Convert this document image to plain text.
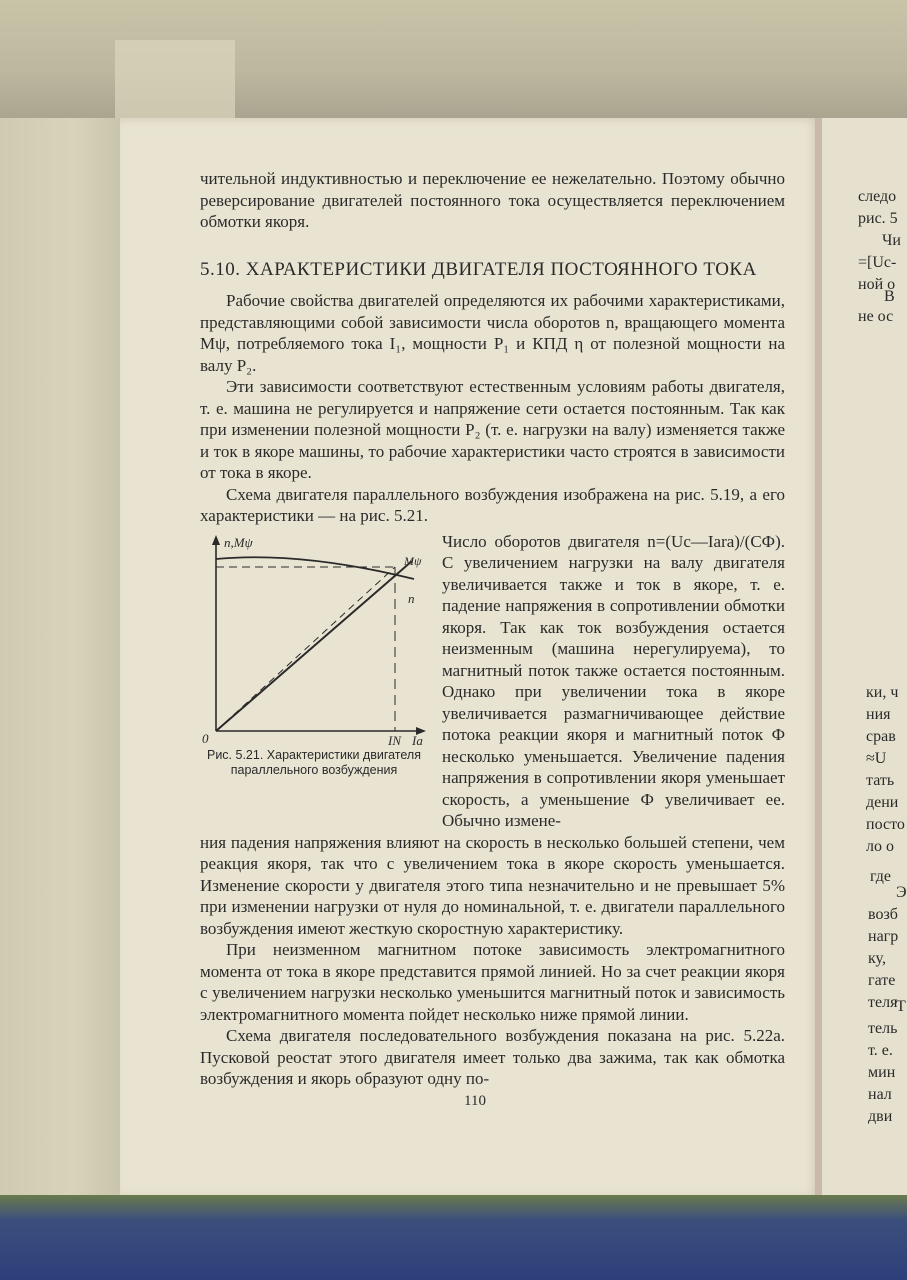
следо
рис. 5
Чи
=[Uc-
ной о
В
не ос
ки, ч
ния
срав
≈U
тать
дени
посто
ло о
где
Э
возб
нагр
ку,
гате
теля
Т
тель
т. е.
мин
нал
дви

чительной индуктивностью и переключение ее нежелательно. Поэтому обычно реверсирование двигателей постоянного тока осуществляется переключением обмотки якоря.

5.10. ХАРАКТЕРИСТИКИ ДВИГАТЕЛЯ ПОСТОЯННОГО ТОКА

Рабочие свойства двигателей определяются их рабочими характеристиками, представляющими собой зависимости числа оборотов n, вращающего момента Mψ, потребляемого тока I₁, мощности P₁ и КПД η от полезной мощности на валу P₂.

Эти зависимости соответствуют естественным условиям работы двигателя, т. е. машина не регулируется и напряжение сети остается постоянным. Так как при изменении полезной мощности P₂ (т. е. нагрузки на валу) изменяется также и ток в якоре машины, то рабочие характеристики часто строятся в зависимости от тока в якоре.

Схема двигателя параллельного возбуждения изображена на рис. 5.19, а его характеристики — на рис. 5.21.

n,Mψ
Mψ
n
0	IN Ia
Рис. 5.21. Характеристики двигателя параллельного возбуждения
Число оборотов двигателя n=(Uc—Iara)/(CФ). С увеличением нагрузки на валу двигателя увеличивается также и ток в якоре, т. е. падение напряжения в сопротивлении обмотки якоря. Так как ток возбуждения остается неизменным (машина нерегулируема), то магнитный поток также остается постоянным. Однако при увеличении тока в якоре увеличивается размагничивающее действие потока реакции якоря и магнитный поток Ф несколько уменьшается. Увеличение падения напряжения в сопротивлении якоря уменьшает скорость, а уменьшение Ф увеличивает ее. Обычно измене-

ния падения напряжения влияют на скорость в несколько большей степени, чем реакция якоря, так что с увеличением тока в якоре скорость уменьшается. Изменение скорости у двигателя этого типа незначительно и не превышает 5% при изменении нагрузки от нуля до номинальной, т. е. двигатели параллельного возбуждения имеют жесткую скоростную характеристику.

При неизменном магнитном потоке зависимость электромагнитного момента от тока в якоре представится прямой линией. Но за счет реакции якоря с увеличением нагрузки несколько уменьшится магнитный поток и зависимость электромагнитного момента пойдет несколько ниже прямой линии.

Схема двигателя последовательного возбуждения показана на рис. 5.22а. Пусковой реостат этого двигателя имеет только два зажима, так как обмотка возбуждения и якорь образуют одну по-

110
